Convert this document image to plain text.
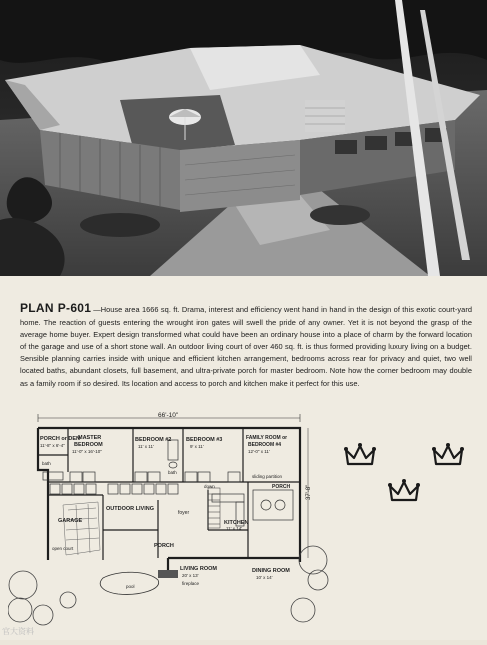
PLAN P-601 —House area 1666 sq. ft. Drama, interest and efficiency went hand in hand in the design of this exotic court-yard home. The reaction of guests entering the wrought iron gates will swell the pride of any owner. Yet it is not beyond the grasp of the average home buyer. Expert design transformed what could have been an ordinary house into a place of charm by the forward location of the garage and use of a short stone wall. An outdoor living court of over 460 sq. ft. is thus formed providing luxury living on a budget. Sensible planning carries inside with unique and efficient kitchen arrangement, bedrooms across rear for privacy and quiet, two well located baths, abundant closets, full basement, and ultra-private porch for master bedroom. Note how the corner bedroom may double as a family room if so desired. Its location and access to porch and kitchen make it perfect for this use.

66'-10"
37'-8"
PORCH or DEN
11'-8" x 6'-4"
MASTER
BEDROOM
11'-0" x 16'-10"
BEDROOM #2
11' x 11'
BEDROOM #3
9' x 11'
FAMILY ROOM or
BEDROOM #4
12'-0" x 11'
sliding partition
bath
bath
GARAGE
open court
OUTDOOR LIVING
foyer
PORCH
down
KITCHEN
11' x 14'
PORCH
LIVING ROOM
20' x 13'
fireplace
DINING ROOM
10' x 14'
pool
官大资料
